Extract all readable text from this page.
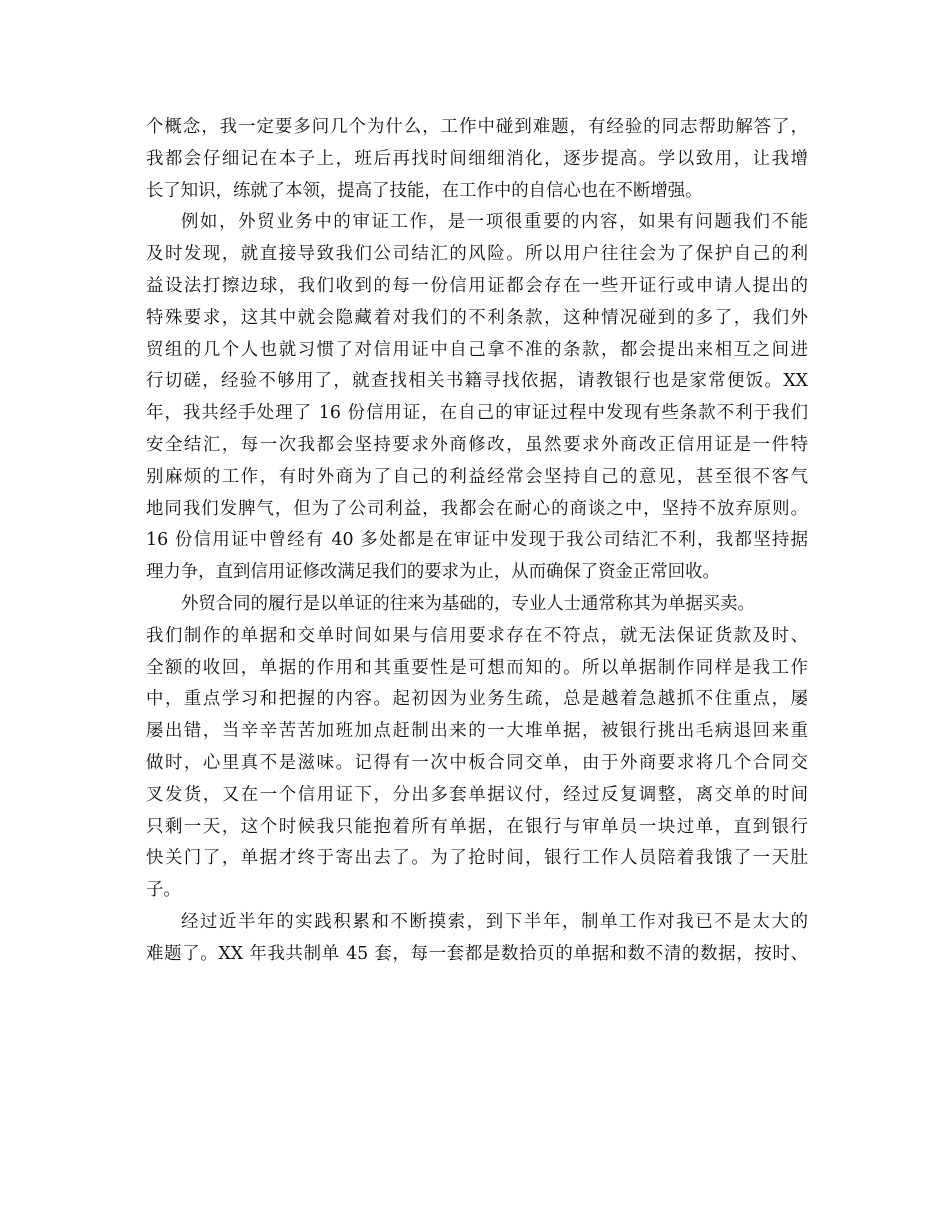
个概念，我一定要多问几个为什么，工作中碰到难题，有经验的同志帮助解答了，
我都会仔细记在本子上，班后再找时间细细消化，逐步提高。学以致用，让我增
长了知识，练就了本领，提高了技能，在工作中的自信心也在不断增强。
例如，外贸业务中的审证工作，是一项很重要的内容，如果有问题我们不能
及时发现，就直接导致我们公司结汇的风险。所以用户往往会为了保护自己的利
益设法打擦边球，我们收到的每一份信用证都会存在一些开证行或申请人提出的
特殊要求，这其中就会隐藏着对我们的不利条款，这种情况碰到的多了，我们外
贸组的几个人也就习惯了对信用证中自己拿不准的条款，都会提出来相互之间进
行切磋，经验不够用了，就查找相关书籍寻找依据，请教银行也是家常便饭。XX
年，我共经手处理了 16 份信用证，在自己的审证过程中发现有些条款不利于我们
安全结汇，每一次我都会坚持要求外商修改，虽然要求外商改正信用证是一件特
别麻烦的工作，有时外商为了自己的利益经常会坚持自己的意见，甚至很不客气
地同我们发脾气，但为了公司利益，我都会在耐心的商谈之中，坚持不放弃原则。
16 份信用证中曾经有 40 多处都是在审证中发现于我公司结汇不利，我都坚持据
理力争，直到信用证修改满足我们的要求为止，从而确保了资金正常回收。
外贸合同的履行是以单证的往来为基础的，专业人士通常称其为单据买卖。
我们制作的单据和交单时间如果与信用要求存在不符点，就无法保证货款及时、
全额的收回，单据的作用和其重要性是可想而知的。所以单据制作同样是我工作
中，重点学习和把握的内容。起初因为业务生疏，总是越着急越抓不住重点，屡
屡出错，当辛辛苦苦加班加点赶制出来的一大堆单据，被银行挑出毛病退回来重
做时，心里真不是滋味。记得有一次中板合同交单，由于外商要求将几个合同交
叉发货，又在一个信用证下，分出多套单据议付，经过反复调整，离交单的时间
只剩一天，这个时候我只能抱着所有单据，在银行与审单员一块过单，直到银行
快关门了，单据才终于寄出去了。为了抢时间，银行工作人员陪着我饿了一天肚
子。
经过近半年的实践积累和不断摸索，到下半年，制单工作对我已不是太大的
难题了。XX 年我共制单 45 套，每一套都是数拾页的单据和数不清的数据，按时、
